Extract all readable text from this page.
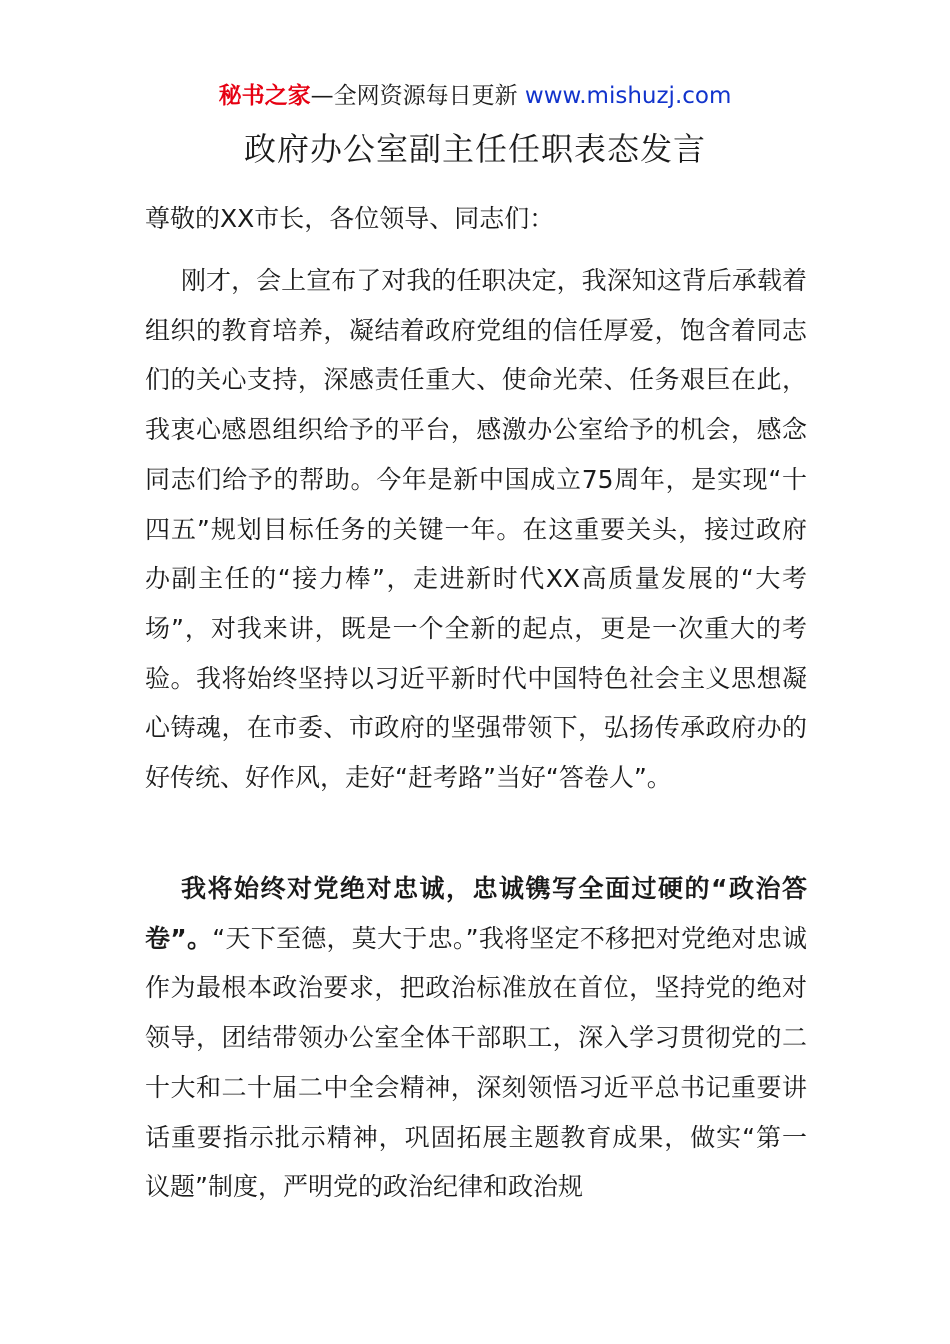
秘书之家—全网资源每日更新 www.mishuzj.com
政府办公室副主任任职表态发言

尊敬的XX市长，各位领导、同志们：

刚才，会上宣布了对我的任职决定，我深知这背后承载着组织的教育培养，凝结着政府党组的信任厚爱，饱含着同志们的关心支持，深感责任重大、使命光荣、任务艰巨在此，我衷心感恩组织给予的平台，感激办公室给予的机会，感念同志们给予的帮助。今年是新中国成立75周年，是实现“十四五”规划目标任务的关键一年。在这重要关头，接过政府办副主任的“接力棒”，走进新时代XX高质量发展的“大考场”，对我来讲，既是一个全新的起点，更是一次重大的考验。我将始终坚持以习近平新时代中国特色社会主义思想凝心铸魂，在市委、市政府的坚强带领下，弘扬传承政府办的好传统、好作风，走好“赶考路”当好“答卷人”。

我将始终对党绝对忠诚，忠诚镌写全面过硬的“政治答卷”。“天下至德，莫大于忠。”我将坚定不移把对党绝对忠诚作为最根本政治要求，把政治标准放在首位，坚持党的绝对领导，团结带领办公室全体干部职工，深入学习贯彻党的二十大和二十届二中全会精神，深刻领悟习近平总书记重要讲话重要指示批示精神，巩固拓展主题教育成果，做实“第一议题”制度，严明党的政治纪律和政治规
